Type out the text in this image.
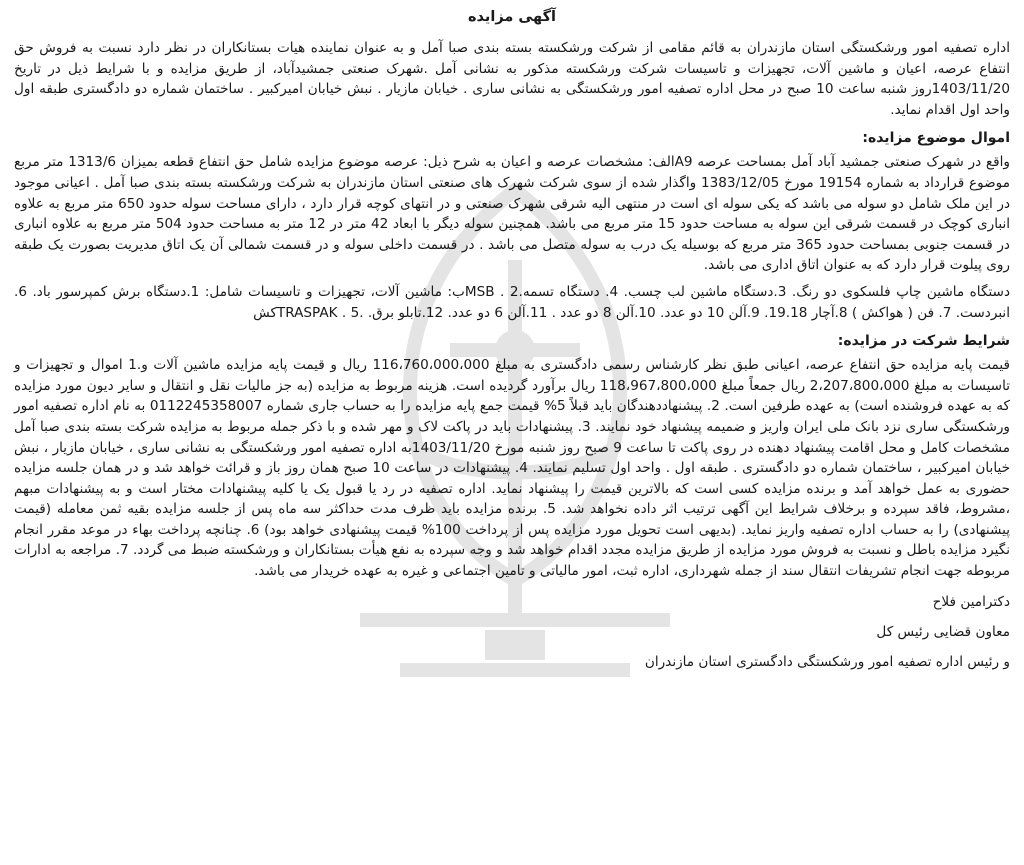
آگهی مزایده

اداره تصفیه امور ورشکستگی استان مازندران به قائم مقامی از شرکت ورشکسته بسته بندی صبا آمل و به عنوان نماینده هیات بستانکاران در نظر دارد نسبت به فروش حق انتفاع عرصه، اعیان و ماشین آلات، تجهیزات و تاسیسات شرکت ورشکسته مذکور به نشانی آمل .شهرک صنعتی جمشیدآباد، از طریق مزایده و با شرایط ذیل در تاریخ 1403/11/20روز شنبه ساعت 10 صبح در محل اداره تصفیه امور ورشکستگی به نشانی ساری . خیابان مازیار . نبش خیابان امیرکبیر . ساختمان شماره دو دادگستری طبقه اول واحد اول اقدام نماید.

اموال موضوع مزایده:

واقع در شهرک صنعتی جمشید آباد آمل بمساحت عرصه A9الف: مشخصات عرصه و اعیان به شرح ذیل: عرصه موضوع مزایده شامل حق انتفاع قطعه بمیزان 1313/6 متر مربع موضوع قرارداد به شماره 19154 مورخ 1383/12/05 واگذار شده از سوی شرکت شهرک های صنعتی استان مازندران به شرکت ورشکسته بسته بندی صبا آمل . اعیانی موجود در این ملک شامل دو سوله می باشد که یکی سوله ای است در منتهی الیه شرقی شهرک صنعتی و در انتهای کوچه قرار دارد ، دارای مساحت سوله حدود 650 متر مربع به علاوه انباری کوچک در قسمت شرقی این سوله به مساحت حدود 15 متر مربع می باشد. همچنین سوله دیگر با ابعاد 42 متر در 12 متر به مساحت حدود 504 متر مربع به علاوه انباری در قسمت جنوبی بمساحت حدود 365 متر مربع که بوسیله یک درب به سوله متصل می باشد . در قسمت داخلی سوله و در قسمت شمالی آن یک اتاق مدیریت بصورت یک طبقه روی پیلوت قرار دارد که به عنوان اتاق اداری می باشد.

دستگاه ماشین چاپ فلسکوی دو رنگ. 3.دستگاه ماشین لب چسب. 4. دستگاه تسمه.2 . MSBب: ماشین آلات، تجهیزات و تاسیسات شامل: 1.دستگاه برش کمپرسور باد. 6. انبردست. 7. فن ( هواکش ) 8.آچار 19.18. 9.آلن 10 دو عدد. 10.آلن 8 دو عدد . 11.آلن 6 دو عدد. 12.تابلو برق. .5 . TRASPAKکش

شرایط شرکت در مزایده:

قیمت پایه مزایده حق انتفاع عرصه، اعیانی طبق نظر کارشناس رسمی دادگستری به مبلغ 116،760،000،000 ریال و قیمت پایه مزایده ماشین آلات و.1 اموال و تجهیزات و تاسیسات به مبلغ 2،207،800،000 ریال جمعاً مبلغ 118،967،800،000 ریال برآورد گردیده است. هزینه مربوط به مزایده (به جز مالیات نقل و انتقال و سایر دیون مورد مزایده که به عهده فروشنده است) به عهده طرفین است. 2. پیشنهاددهندگان باید قبلاً 5% قیمت جمع پایه مزایده را به حساب جاری شماره 0112245358007 به نام اداره تصفیه امور ورشکستگی ساری نزد بانک ملی ایران واریز و ضمیمه پیشنهاد خود نمایند. 3. پیشنهادات باید در پاکت لاک و مهر شده و با ذکر جمله مربوط به مزایده شرکت بسته بندی صبا آمل مشخصات کامل و محل اقامت پیشنهاد دهنده در روی پاکت تا ساعت 9 صبح روز شنبه مورخ 1403/11/20به اداره تصفیه امور ورشکستگی به نشانی ساری ، خیابان مازیار ، نبش خیابان امیرکبیر ، ساختمان شماره دو دادگستری . طبقه اول . واحد اول تسلیم نمایند. 4. پیشنهادات در ساعت 10 صبح همان روز باز و قرائت خواهد شد و در همان جلسه مزایده حضوری به عمل خواهد آمد و برنده مزایده کسی است که بالاترین قیمت را پیشنهاد نماید. اداره تصفیه در رد یا قبول یک یا کلیه پیشنهادات مختار است و به پیشنهادات مبهم ،مشروط، فاقد سپرده و برخلاف شرایط این آگهی ترتیب اثر داده نخواهد شد. 5. برنده مزایده باید ظرف مدت حداکثر سه ماه پس از جلسه مزایده بقیه ثمن معامله (قیمت پیشنهادی) را به حساب اداره تصفیه واریز نماید. (بدیهی است تحویل مورد مزایده پس از پرداخت 100% قیمت پیشنهادی خواهد بود) 6. چنانچه پرداخت بهاء در موعد مقرر انجام نگیرد مزایده باطل و نسبت به فروش مورد مزایده از طریق مزایده مجدد اقدام خواهد شد و وجه سپرده به نفع هیأت بستانکاران و ورشکسته ضبط می گردد. 7. مراجعه به ادارات مربوطه جهت انجام تشریفات انتقال سند از جمله شهرداری، اداره ثبت، امور مالیاتی و تامین اجتماعی و غیره به عهده خریدار می باشد.

دکترامین فلاح

معاون قضایی رئیس کل

و رئیس اداره تصفیه امور ورشکستگی دادگستری استان مازندران
